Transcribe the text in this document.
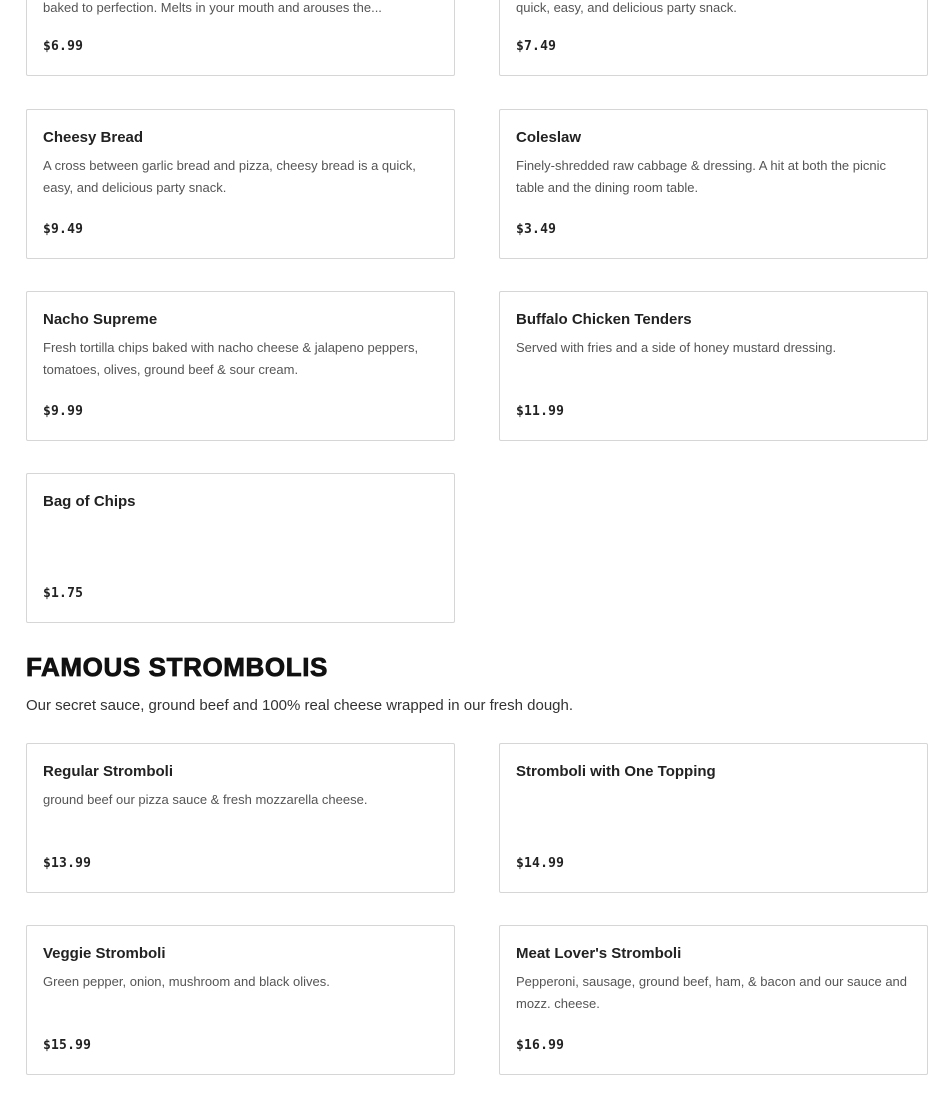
baked to perfection. Melts in your mouth and arouses the...
$6.99
quick, easy, and delicious party snack.
$7.49
Cheesy Bread
A cross between garlic bread and pizza, cheesy bread is a quick, easy, and delicious party snack.
$9.49
Coleslaw
Finely-shredded raw cabbage & dressing. A hit at both the picnic table and the dining room table.
$3.49
Nacho Supreme
Fresh tortilla chips baked with nacho cheese & jalapeno peppers, tomatoes, olives, ground beef & sour cream.
$9.99
Buffalo Chicken Tenders
Served with fries and a side of honey mustard dressing.
$11.99
Bag of Chips
$1.75
FAMOUS STROMBOLIS
Our secret sauce, ground beef and 100% real cheese wrapped in our fresh dough.
Regular Stromboli
ground beef our pizza sauce & fresh mozzarella cheese.
$13.99
Stromboli with One Topping
$14.99
Veggie Stromboli
Green pepper, onion, mushroom and black olives.
$15.99
Meat Lover's Stromboli
Pepperoni, sausage, ground beef, ham, & bacon and our sauce and mozz. cheese.
$16.99
